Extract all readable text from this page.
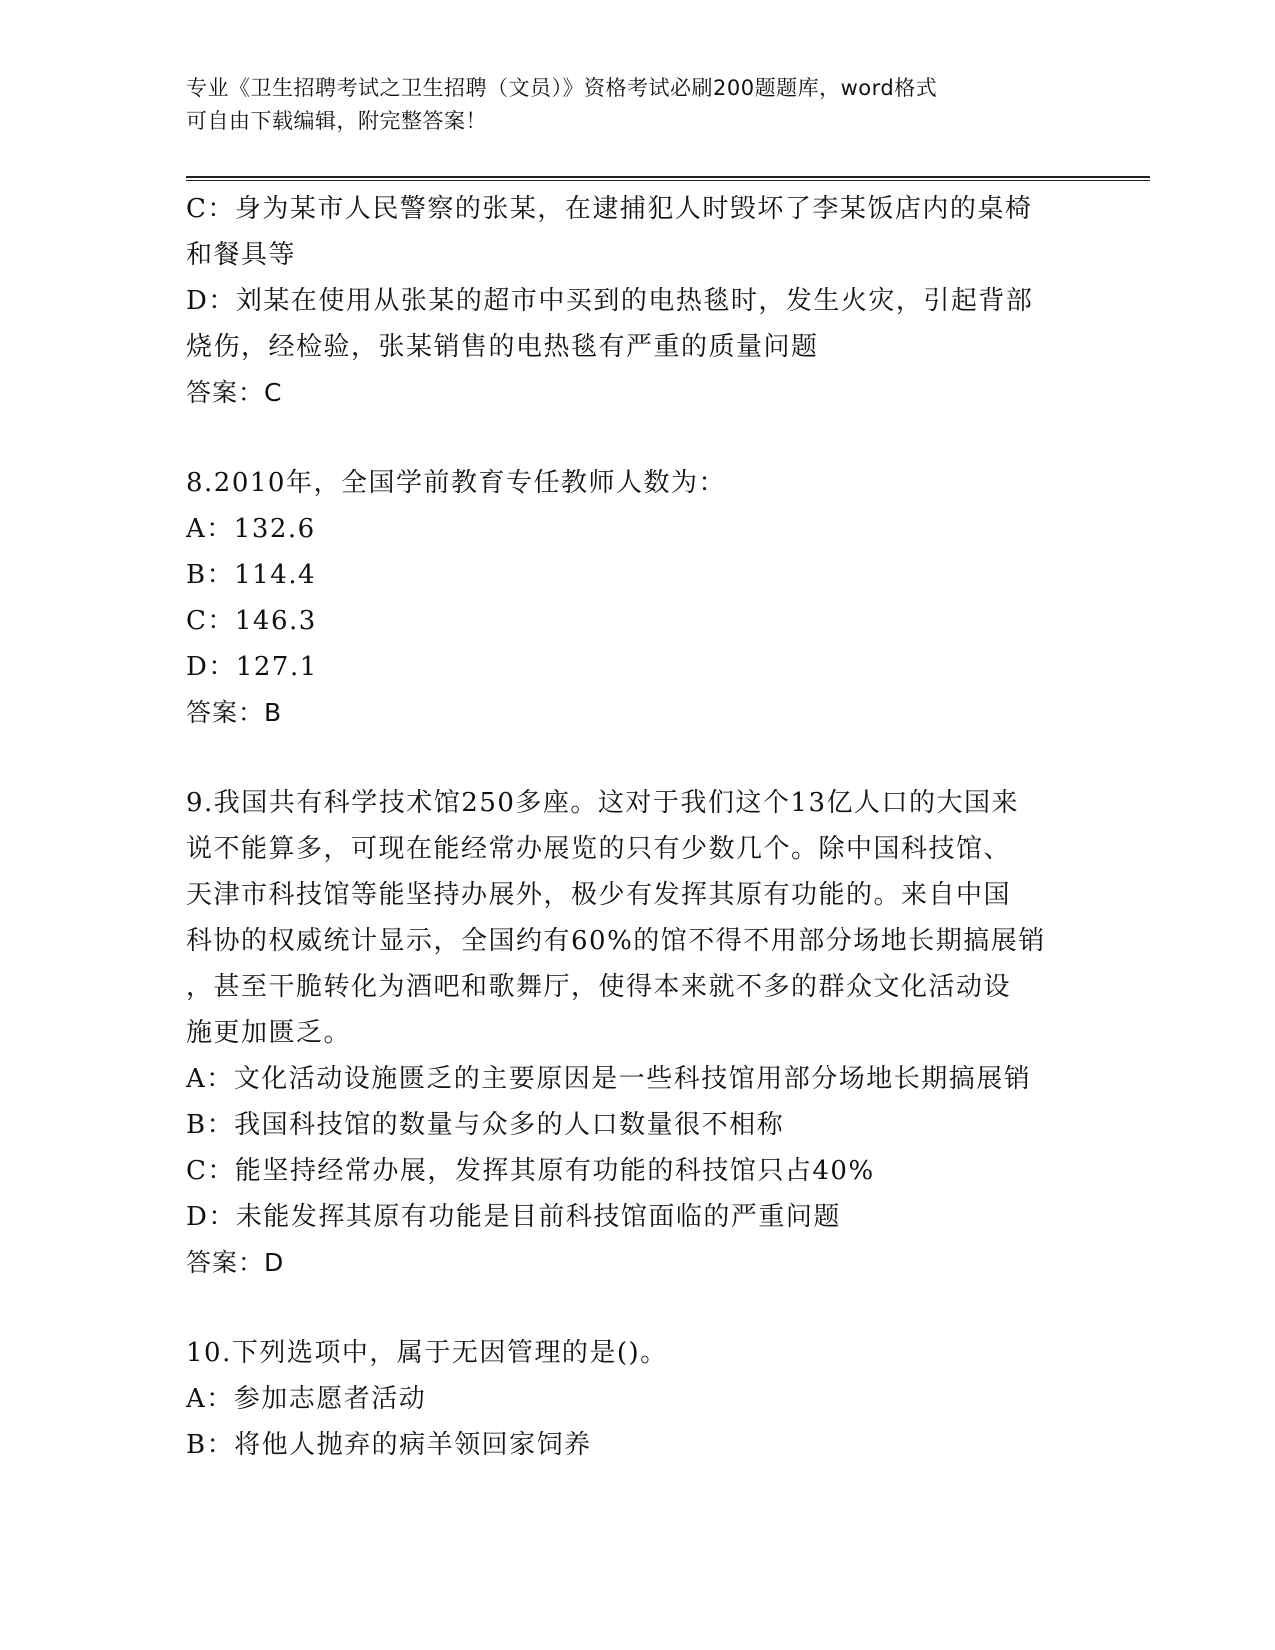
专业《卫生招聘考试之卫生招聘（文员）》资格考试必刷200题题库，word格式
可自由下载编辑，附完整答案！
C：身为某市人民警察的张某，在逮捕犯人时毁坏了李某饭店内的桌椅
和餐具等
D：刘某在使用从张某的超市中买到的电热毯时，发生火灾，引起背部
烧伤，经检验，张某销售的电热毯有严重的质量问题
答案：C
8.2010年，全国学前教育专任教师人数为：
A：132.6
B：114.4
C：146.3
D：127.1
答案：B
9.我国共有科学技术馆250多座。这对于我们这个13亿人口的大国来
说不能算多，可现在能经常办展览的只有少数几个。除中国科技馆、
天津市科技馆等能坚持办展外，极少有发挥其原有功能的。来自中国
科协的权威统计显示，全国约有60%的馆不得不用部分场地长期搞展销
，甚至干脆转化为酒吧和歌舞厅，使得本来就不多的群众文化活动设
施更加匮乏。
A：文化活动设施匮乏的主要原因是一些科技馆用部分场地长期搞展销
B：我国科技馆的数量与众多的人口数量很不相称
C：能坚持经常办展，发挥其原有功能的科技馆只占40%
D：未能发挥其原有功能是目前科技馆面临的严重问题
答案：D
10.下列选项中，属于无因管理的是()。
A：参加志愿者活动
B：将他人抛弃的病羊领回家饲养
